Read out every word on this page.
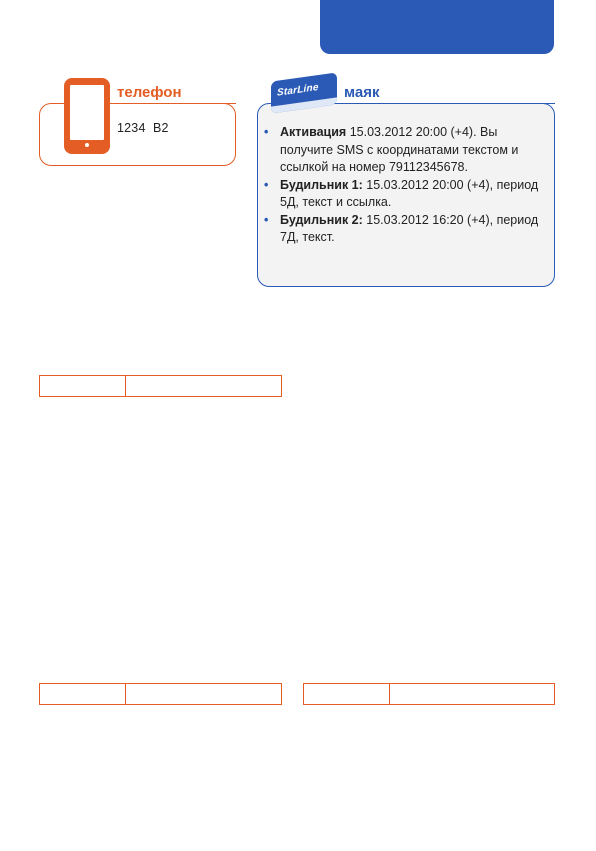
телефон
1234  B2
StarLine маяк
• Активация 15.03.2012 20:00 (+4). Вы получите SMS с координатами текстом и ссылкой на номер 79112345678.
• Будильник 1: 15.03.2012 20:00 (+4), период 5Д, текст и ссылка.
• Будильник 2: 15.03.2012 16:20 (+4), период 7Д, текст.
